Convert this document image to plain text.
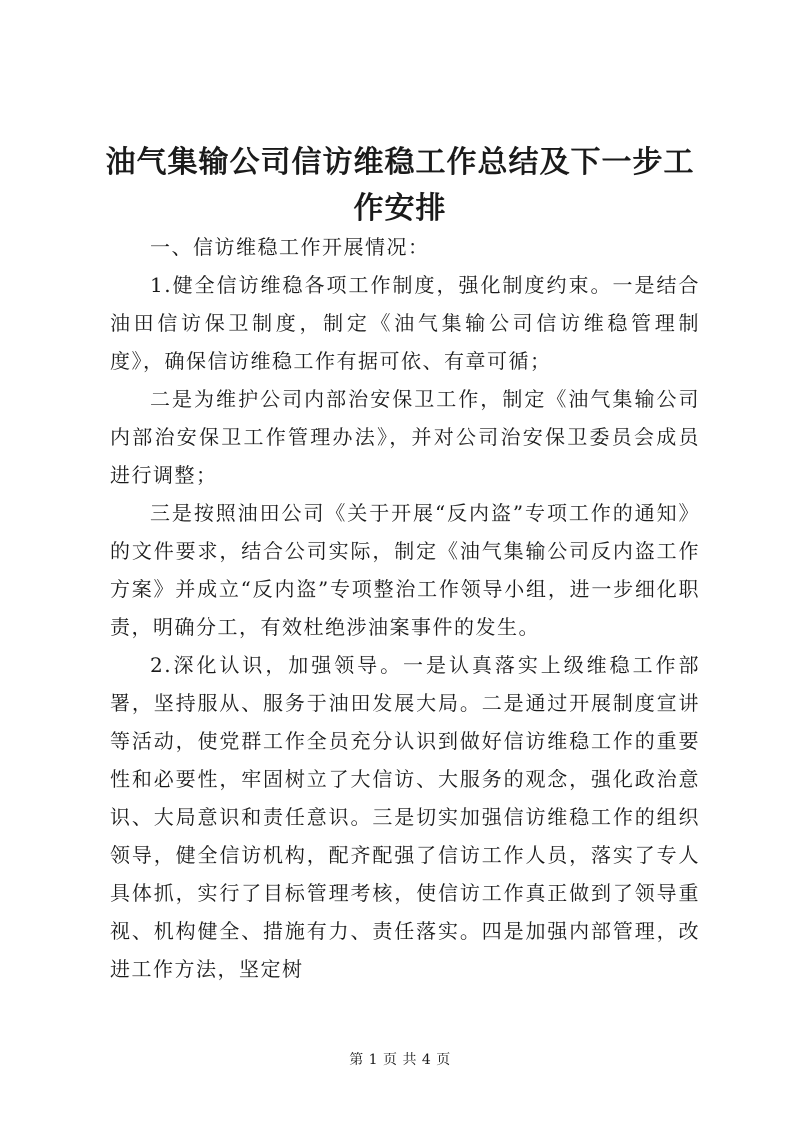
油气集输公司信访维稳工作总结及下一步工作安排

一、信访维稳工作开展情况：

1.健全信访维稳各项工作制度，强化制度约束。一是结合油田信访保卫制度，制定《油气集输公司信访维稳管理制度》，确保信访维稳工作有据可依、有章可循；

二是为维护公司内部治安保卫工作，制定《油气集输公司内部治安保卫工作管理办法》，并对公司治安保卫委员会成员进行调整；

三是按照油田公司《关于开展“反内盗”专项工作的通知》的文件要求，结合公司实际，制定《油气集输公司反内盗工作方案》并成立“反内盗”专项整治工作领导小组，进一步细化职责，明确分工，有效杜绝涉油案事件的发生。

2.深化认识，加强领导。一是认真落实上级维稳工作部署，坚持服从、服务于油田发展大局。二是通过开展制度宣讲等活动，使党群工作全员充分认识到做好信访维稳工作的重要性和必要性，牢固树立了大信访、大服务的观念，强化政治意识、大局意识和责任意识。三是切实加强信访维稳工作的组织领导，健全信访机构，配齐配强了信访工作人员，落实了专人具体抓，实行了目标管理考核，使信访工作真正做到了领导重视、机构健全、措施有力、责任落实。四是加强内部管理，改进工作方法，坚定树

第 1 页 共 4 页
